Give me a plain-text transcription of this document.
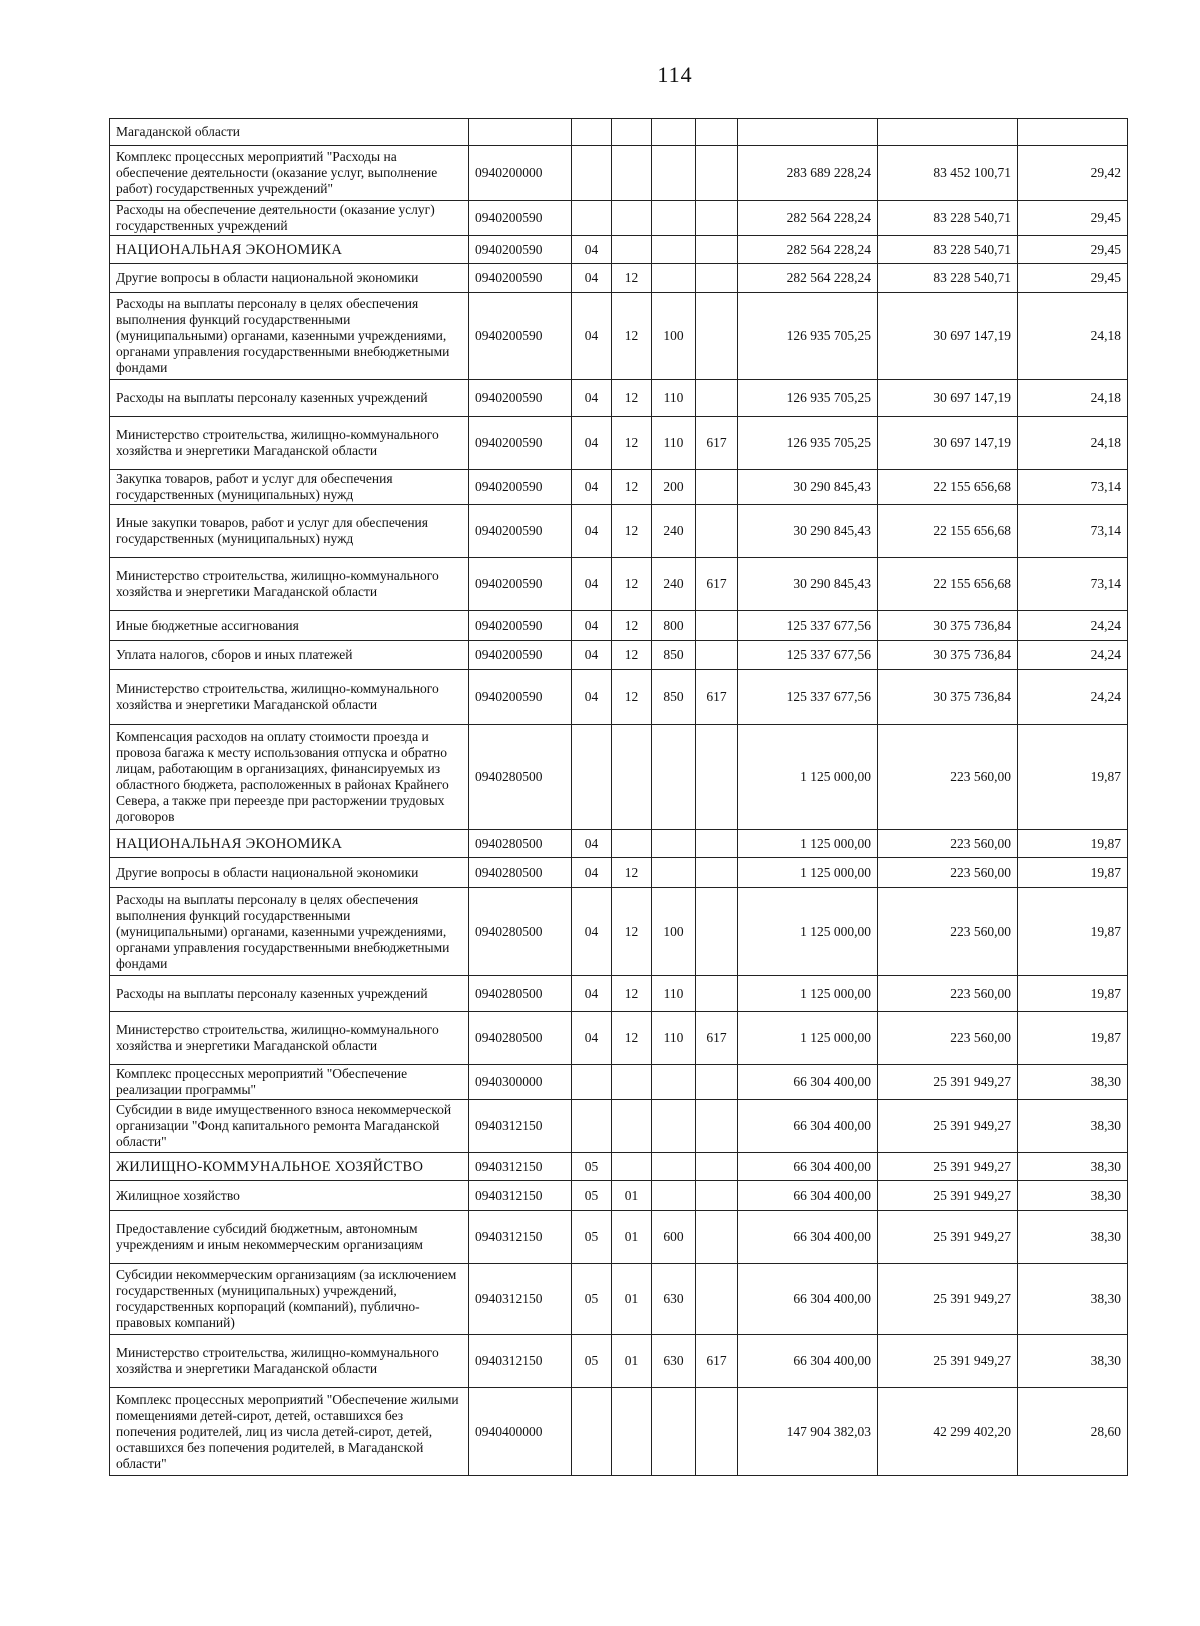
114
Магаданской области								
Комплекс процессных мероприятий "Расходы на обеспечение деятельности (оказание услуг, выполнение работ) государственных учреждений"	0940200000					283 689 228,24	83 452 100,71	29,42
Расходы на обеспечение деятельности (оказание услуг) государственных учреждений	0940200590					282 564 228,24	83 228 540,71	29,45
НАЦИОНАЛЬНАЯ ЭКОНОМИКА	0940200590	04				282 564 228,24	83 228 540,71	29,45
Другие вопросы в области национальной экономики	0940200590	04	12			282 564 228,24	83 228 540,71	29,45
Расходы на выплаты персоналу в целях обеспечения выполнения функций государственными (муниципальными) органами, казенными учреждениями, органами управления государственными внебюджетными фондами	0940200590	04	12	100		126 935 705,25	30 697 147,19	24,18
Расходы на выплаты персоналу казенных учреждений	0940200590	04	12	110		126 935 705,25	30 697 147,19	24,18
Министерство строительства, жилищно-коммунального хозяйства и энергетики Магаданской области	0940200590	04	12	110	617	126 935 705,25	30 697 147,19	24,18
Закупка товаров, работ и услуг для обеспечения государственных (муниципальных) нужд	0940200590	04	12	200		30 290 845,43	22 155 656,68	73,14
Иные закупки товаров, работ и услуг для обеспечения государственных (муниципальных) нужд	0940200590	04	12	240		30 290 845,43	22 155 656,68	73,14
Министерство строительства, жилищно-коммунального хозяйства и энергетики Магаданской области	0940200590	04	12	240	617	30 290 845,43	22 155 656,68	73,14
Иные бюджетные ассигнования	0940200590	04	12	800		125 337 677,56	30 375 736,84	24,24
Уплата налогов, сборов и иных платежей	0940200590	04	12	850		125 337 677,56	30 375 736,84	24,24
Министерство строительства, жилищно-коммунального хозяйства и энергетики Магаданской области	0940200590	04	12	850	617	125 337 677,56	30 375 736,84	24,24
Компенсация расходов на оплату стоимости проезда и провоза багажа к месту использования отпуска и обратно лицам, работающим в организациях, финансируемых из областного бюджета, расположенных в районах Крайнего Севера, а также при переезде при расторжении трудовых договоров	0940280500					1 125 000,00	223 560,00	19,87
НАЦИОНАЛЬНАЯ ЭКОНОМИКА	0940280500	04				1 125 000,00	223 560,00	19,87
Другие вопросы в области национальной экономики	0940280500	04	12			1 125 000,00	223 560,00	19,87
Расходы на выплаты персоналу в целях обеспечения выполнения функций государственными (муниципальными) органами, казенными учреждениями, органами управления государственными внебюджетными фондами	0940280500	04	12	100		1 125 000,00	223 560,00	19,87
Расходы на выплаты персоналу казенных учреждений	0940280500	04	12	110		1 125 000,00	223 560,00	19,87
Министерство строительства, жилищно-коммунального хозяйства и энергетики Магаданской области	0940280500	04	12	110	617	1 125 000,00	223 560,00	19,87
Комплекс процессных мероприятий "Обеспечение реализации программы"	0940300000					66 304 400,00	25 391 949,27	38,30
Субсидии в виде имущественного взноса некоммерческой организации "Фонд капитального ремонта Магаданской области"	0940312150					66 304 400,00	25 391 949,27	38,30
ЖИЛИЩНО-КОММУНАЛЬНОЕ ХОЗЯЙСТВО	0940312150	05				66 304 400,00	25 391 949,27	38,30
Жилищное хозяйство	0940312150	05	01			66 304 400,00	25 391 949,27	38,30
Предоставление субсидий бюджетным, автономным учреждениям и иным некоммерческим организациям	0940312150	05	01	600		66 304 400,00	25 391 949,27	38,30
Субсидии некоммерческим организациям (за исключением государственных (муниципальных) учреждений, государственных корпораций (компаний), публично-правовых компаний)	0940312150	05	01	630		66 304 400,00	25 391 949,27	38,30
Министерство строительства, жилищно-коммунального хозяйства и энергетики Магаданской области	0940312150	05	01	630	617	66 304 400,00	25 391 949,27	38,30
Комплекс процессных мероприятий "Обеспечение жилыми помещениями детей-сирот, детей, оставшихся без попечения родителей, лиц из числа детей-сирот, детей, оставшихся без попечения родителей, в Магаданской области"	0940400000					147 904 382,03	42 299 402,20	28,60
